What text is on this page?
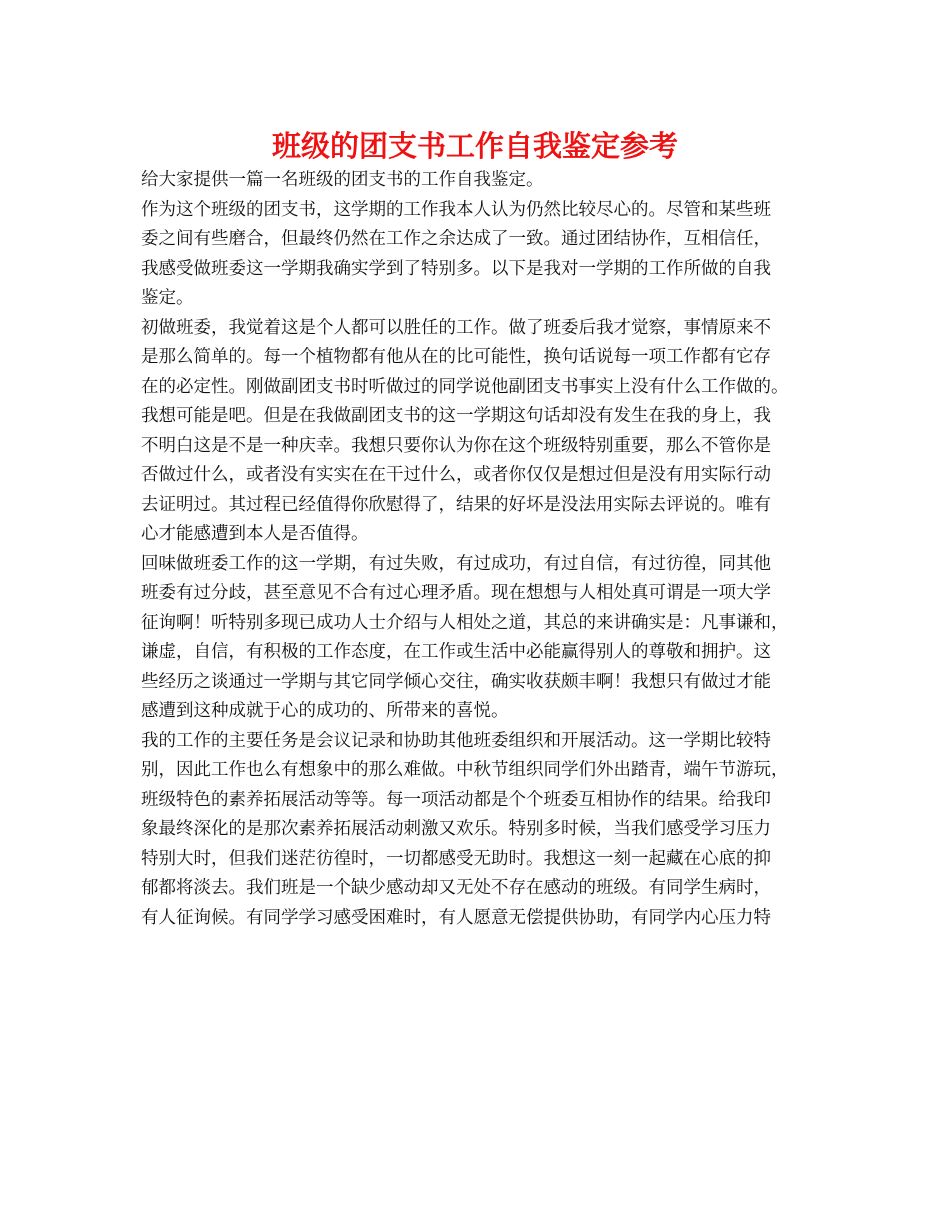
班级的团支书工作自我鉴定参考
给大家提供一篇一名班级的团支书的工作自我鉴定。
作为这个班级的团支书，这学期的工作我本人认为仍然比较尽心的。尽管和某些班
委之间有些磨合，但最终仍然在工作之余达成了一致。通过团结协作，互相信任，
我感受做班委这一学期我确实学到了特别多。以下是我对一学期的工作所做的自我
鉴定。
初做班委，我觉着这是个人都可以胜任的工作。做了班委后我才觉察，事情原来不
是那么简单的。每一个植物都有他从在的比可能性，换句话说每一项工作都有它存
在的必定性。刚做副团支书时听做过的同学说他副团支书事实上没有什么工作做的。
我想可能是吧。但是在我做副团支书的这一学期这句话却没有发生在我的身上，我
不明白这是不是一种庆幸。我想只要你认为你在这个班级特别重要，那么不管你是
否做过什么，或者没有实实在在干过什么，或者你仅仅是想过但是没有用实际行动
去证明过。其过程已经值得你欣慰得了，结果的好坏是没法用实际去评说的。唯有
心才能感遭到本人是否值得。
回味做班委工作的这一学期，有过失败，有过成功，有过自信，有过彷徨，同其他
班委有过分歧，甚至意见不合有过心理矛盾。现在想想与人相处真可谓是一项大学
征询啊！听特别多现已成功人士介绍与人相处之道，其总的来讲确实是：凡事谦和，
谦虚，自信，有积极的工作态度，在工作或生活中必能赢得别人的尊敬和拥护。这
些经历之谈通过一学期与其它同学倾心交往，确实收获颇丰啊！我想只有做过才能
感遭到这种成就于心的成功的、所带来的喜悦。
我的工作的主要任务是会议记录和协助其他班委组织和开展活动。这一学期比较特
别，因此工作也么有想象中的那么难做。中秋节组织同学们外出踏青，端午节游玩，
班级特色的素养拓展活动等等。每一项活动都是个个班委互相协作的结果。给我印
象最终深化的是那次素养拓展活动刺激又欢乐。特别多时候，当我们感受学习压力
特别大时，但我们迷茫彷徨时，一切都感受无助时。我想这一刻一起藏在心底的抑
郁都将淡去。我们班是一个缺少感动却又无处不存在感动的班级。有同学生病时，
有人征询候。有同学学习感受困难时，有人愿意无偿提供协助，有同学内心压力特
